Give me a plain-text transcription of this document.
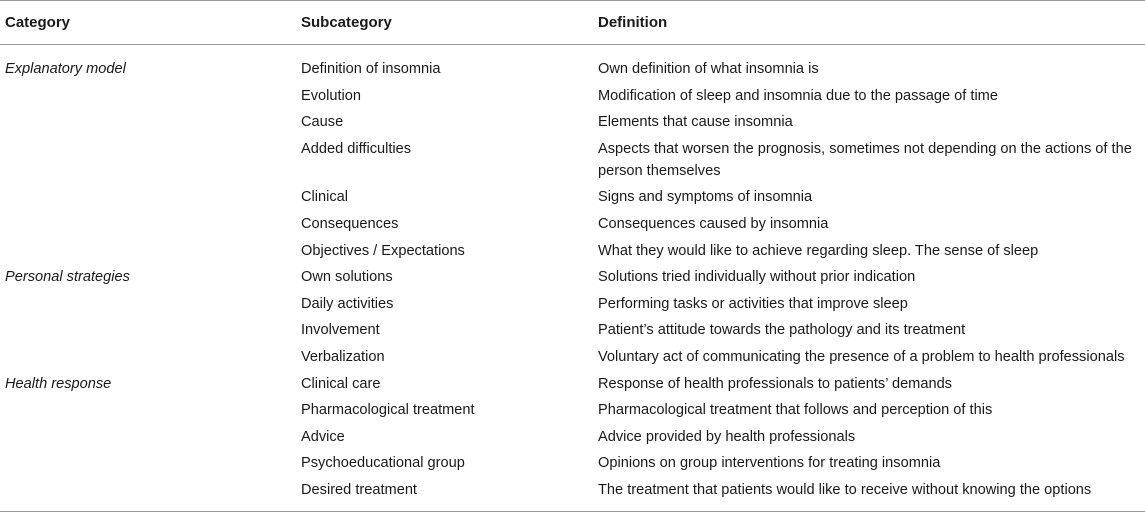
Category	Subcategory	Definition
Explanatory model	Definition of insomnia	Own definition of what insomnia is
	Evolution	Modification of sleep and insomnia due to the passage of time
	Cause	Elements that cause insomnia
	Added difficulties	Aspects that worsen the prognosis, sometimes not depending on the actions of the person themselves
	Clinical	Signs and symptoms of insomnia
	Consequences	Consequences caused by insomnia
	Objectives / Expectations	What they would like to achieve regarding sleep. The sense of sleep
Personal strategies	Own solutions	Solutions tried individually without prior indication
	Daily activities	Performing tasks or activities that improve sleep
	Involvement	Patient’s attitude towards the pathology and its treatment
	Verbalization	Voluntary act of communicating the presence of a problem to health professionals
Health response	Clinical care	Response of health professionals to patients’ demands
	Pharmacological treatment	Pharmacological treatment that follows and perception of this
	Advice	Advice provided by health professionals
	Psychoeducational group	Opinions on group interventions for treating insomnia
	Desired treatment	The treatment that patients would like to receive without knowing the options
